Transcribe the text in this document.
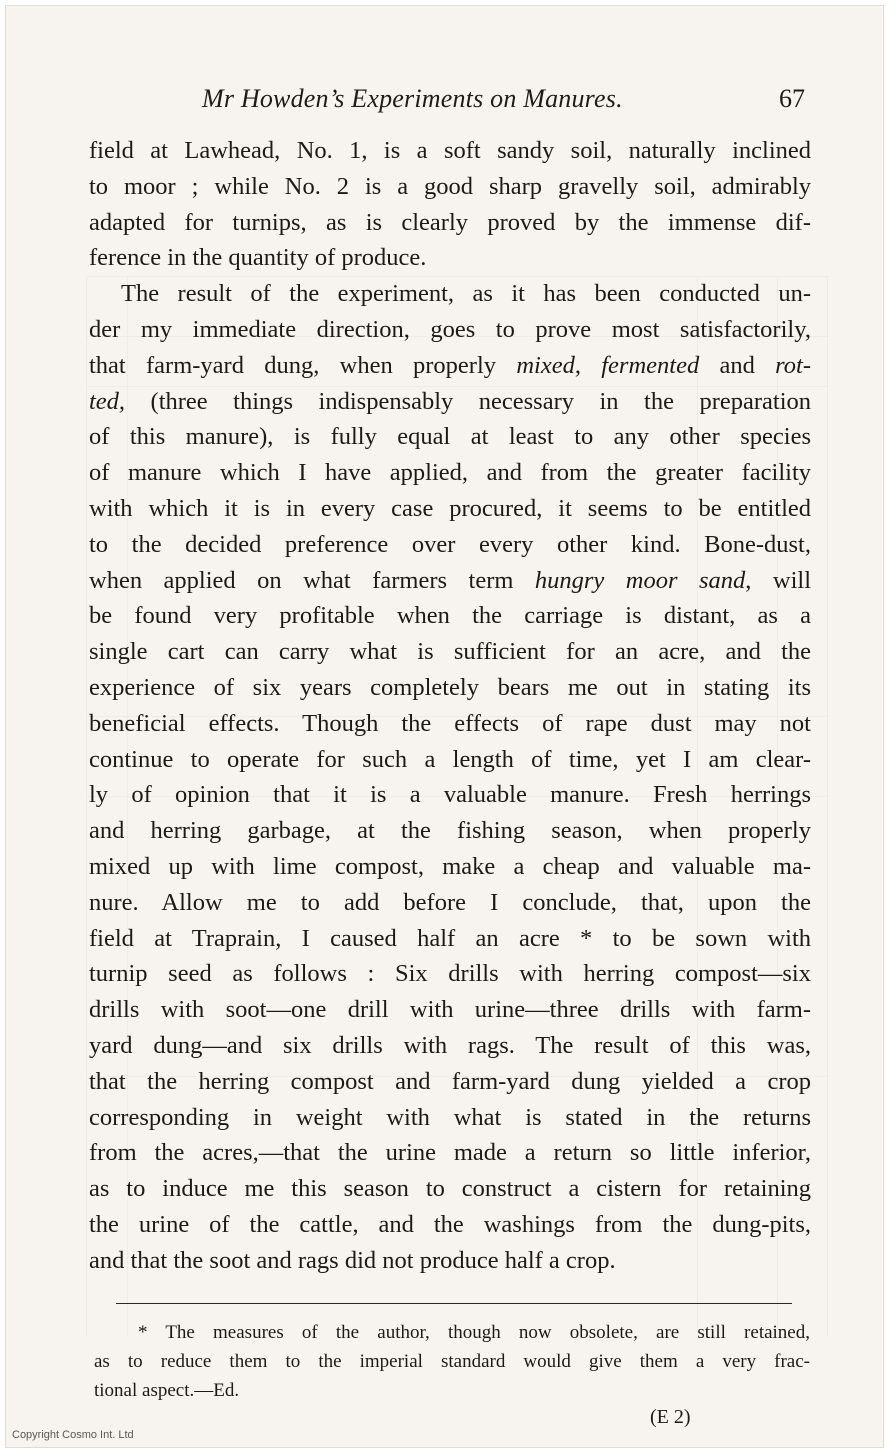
Mr Howden’s Experiments on Manures.	67
field at Lawhead, No. 1, is a soft sandy soil, naturally inclined
to moor ; while No. 2 is a good sharp gravelly soil, admirably
adapted for turnips, as is clearly proved by the immense dif-
ference in the quantity of produce.
The result of the experiment, as it has been conducted un-
der my immediate direction, goes to prove most satisfactorily,
that farm-yard dung, when properly mixed, fermented and rot-
ted, (three things indispensably necessary in the preparation
of this manure), is fully equal at least to any other species
of manure which I have applied, and from the greater facility
with which it is in every case procured, it seems to be entitled
to the decided preference over every other kind. Bone-dust,
when applied on what farmers term hungry moor sand, will
be found very profitable when the carriage is distant, as a
single cart can carry what is sufficient for an acre, and the
experience of six years completely bears me out in stating its
beneficial effects. Though the effects of rape dust may not
continue to operate for such a length of time, yet I am clear-
ly of opinion that it is a valuable manure. Fresh herrings
and herring garbage, at the fishing season, when properly
mixed up with lime compost, make a cheap and valuable ma-
nure. Allow me to add before I conclude, that, upon the
field at Traprain, I caused half an acre * to be sown with
turnip seed as follows : Six drills with herring compost—six
drills with soot—one drill with urine—three drills with farm-
yard dung—and six drills with rags. The result of this was,
that the herring compost and farm-yard dung yielded a crop
corresponding in weight with what is stated in the returns
from the acres,—that the urine made a return so little inferior,
as to induce me this season to construct a cistern for retaining
the urine of the cattle, and the washings from the dung-pits,
and that the soot and rags did not produce half a crop.
* The measures of the author, though now obsolete, are still retained,
as to reduce them to the imperial standard would give them a very frac-
tional aspect.—Ed.
(E 2)
Copyright Cosmo Int. Ltd
